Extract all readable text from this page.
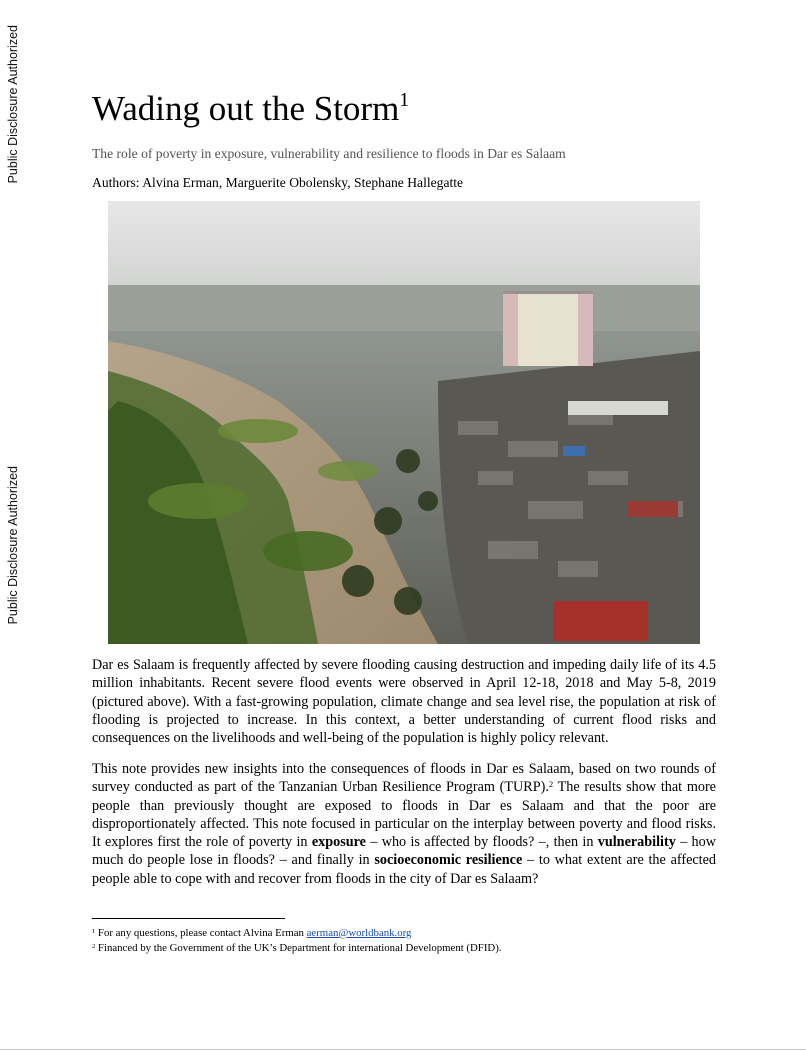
Public Disclosure Authorized
Public Disclosure Authorized
Wading out the Storm$^1$

The role of poverty in exposure, vulnerability and resilience to floods in Dar es Salaam

Authors: Alvina Erman, Marguerite Obolensky, Stephane Hallegatte

Dar es Salaam is frequently affected by severe flooding causing destruction and impeding daily life of its 4.5 million inhabitants. Recent severe flood events were observed in April 12-18, 2018 and May 5-8, 2019 (pictured above). With a fast-growing population, climate change and sea level rise, the population at risk of flooding is projected to increase. In this context, a better understanding of current flood risks and consequences on the livelihoods and well-being of the population is highly policy relevant.

This note provides new insights into the consequences of floods in Dar es Salaam, based on two rounds of survey conducted as part of the Tanzanian Urban Resilience Program (TURP).$^2$ The results show that more people than previously thought are exposed to floods in Dar es Salaam and that the poor are disproportionately affected. This note focused in particular on the interplay between poverty and flood risks. It explores first the role of poverty in exposure – who is affected by floods? –, then in vulnerability – how much do people lose in floods? – and finally in socioeconomic resilience – to what extent are the affected people able to cope with and recover from floods in the city of Dar es Salaam?

$^1$ For any questions, please contact Alvina Erman aerman@worldbank.org

$^2$ Financed by the Government of the UK’s Department for international Development (DFID).
